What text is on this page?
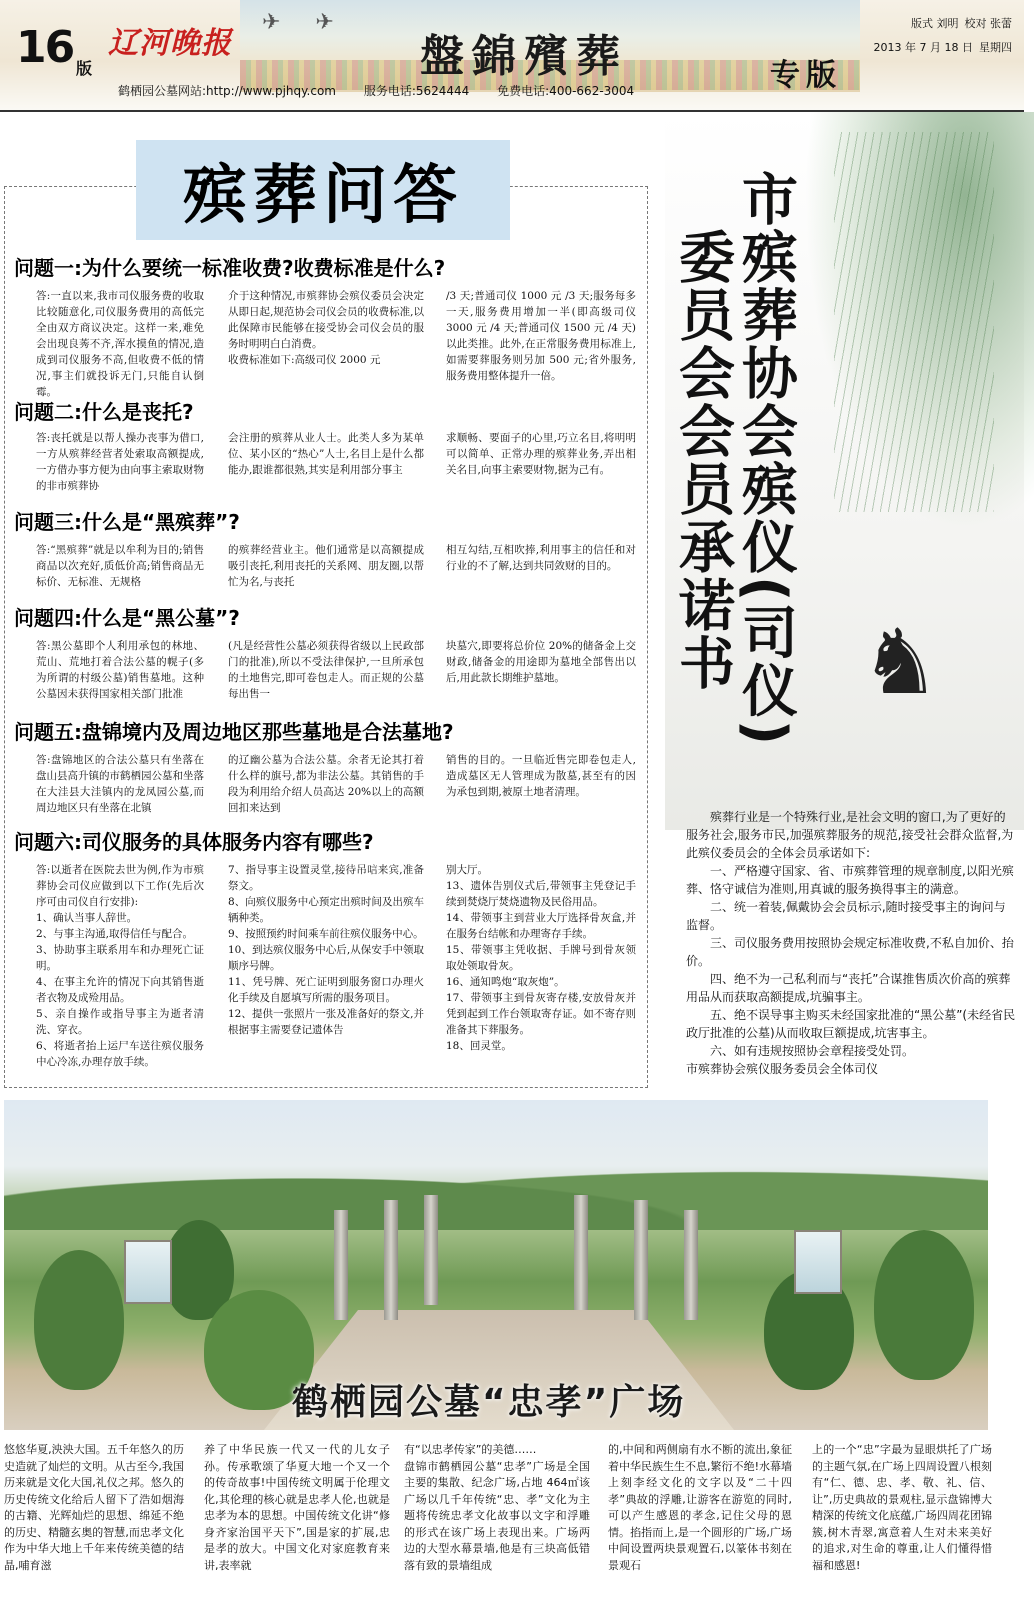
✈ ✈
16 版
辽河晚报	盤錦殯葬	专版
版式 刘明 校对 张蕾
2013 年 7 月 18 日 星期四
鹤栖园公墓网站:http://www.pjhqy.com 服务电话:5624444 免费电话:400-662-3004
殡葬问答
问题一:为什么要统一标准收费?收费标准是什么?
答:一直以来,我市司仪服务费的收取比较随意化,司仪服务费用的高低完全由双方商议决定。这样一来,难免会出现良莠不齐,浑水摸鱼的情况,造成到司仪服务不高,但收费不低的情况,事主们就投诉无门,只能自认倒霉。
介于这种情况,市殡葬协会殡仪委员会决定从即日起,规范协会司仪会员的收费标准,以此保障市民能够在接受协会司仪会员的服务时明明白白消费。
收费标准如下:高级司仪 2000 元
/3 天;普通司仪 1000 元 /3 天;服务每多一天,服务费用增加一半(即高级司仪 3000 元 /4 天;普通司仪 1500 元 /4 天)以此类推。此外,在正常服务费用标准上,如需要葬服务则另加 500 元;省外服务,服务费用整体提升一倍。
问题二:什么是丧托?
答:丧托就是以帮人操办丧事为借口,一方从殡葬经营者处索取高额提成,一方借办事方便为由向事主索取财物的非市殡葬协
会注册的殡葬从业人士。此类人多为某单位、某小区的“热心”人士,名目上是什么都能办,跟谁都很熟,其实是利用部分事主
求顺畅、要面子的心里,巧立名目,将明明可以简单、正常办理的殡葬业务,弄出相关名目,向事主索要财物,据为己有。
问题三:什么是“黑殡葬”?
答:“黑殡葬”就是以牟利为目的;销售商品以次充好,质低价高;销售商品无标价、无标准、无规格
的殡葬经营业主。他们通常是以高额提成吸引丧托,利用丧托的关系网、朋友圈,以帮忙为名,与丧托
相互勾结,互相吹捧,利用事主的信任和对行业的不了解,达到共同敛财的目的。
问题四:什么是“黑公墓”?
答:黑公墓即个人利用承包的林地、荒山、荒地打着合法公墓的幌子(多为所谓的村级公墓)销售墓地。这种公墓因未获得国家相关部门批准
(凡是经营性公墓必须获得省级以上民政部门的批准),所以不受法律保护,一旦所承包的土地售完,即可卷包走人。而正规的公墓每出售一
块墓穴,即要将总价位 20%的储备金上交财政,储备金的用途即为墓地全部售出以后,用此款长期维护墓地。
问题五:盘锦境内及周边地区那些墓地是合法墓地?
答:盘锦地区的合法公墓只有坐落在盘山县高升镇的市鹤栖园公墓和坐落在大洼县大洼镇内的龙凤园公墓,而周边地区只有坐落在北镇
的辽幽公墓为合法公墓。余者无论其打着什么样的旗号,都为非法公墓。其销售的手段为利用给介绍人员高达 20%以上的高额回扣来达到
销售的目的。一旦临近售完即卷包走人,造成墓区无人管理成为散墓,甚至有的因为承包到期,被原土地者清理。
问题六:司仪服务的具体服务内容有哪些?
答:以逝者在医院去世为例,作为市殡葬协会司仪应做到以下工作(先后次序可由司仪自行安排):
1、确认当事人辞世。
2、与事主沟通,取得信任与配合。
3、协助事主联系用车和办理死亡证明。
4、在事主允许的情况下向其销售逝者衣物及成殓用品。
5、亲自操作或指导事主为逝者清洗、穿衣。
6、将逝者抬上运尸车送往殡仪服务中心冷冻,办理存放手续。
7、指导事主设置灵堂,接待吊唁来宾,准备祭文。
8、向殡仪服务中心预定出殡时间及出殡车辆种类。
9、按照预约时间乘车前往殡仪服务中心。
10、到达殡仪服务中心后,从保安手中领取顺序号牌。
11、凭号牌、死亡证明到服务窗口办理火化手续及自愿填写所需的服务项目。
12、提供一张照片一张及准备好的祭文,并根据事主需要登记遗体告
别大厅。
13、遗体告别仪式后,带领事主凭登记手续到焚烧厅焚烧遗物及民俗用品。
14、带领事主到营业大厅选择骨灰盒,并在服务台结帐和办理寄存手续。
15、带领事主凭收据、手牌号到骨灰领取处领取骨灰。
16、通知鸣炮“取灰炮”。
17、带领事主到骨灰寄存楼,安放骨灰并凭到起到工作台领取寄存证。如不寄存则准备其下葬服务。
18、回灵堂。
♞
市殡葬协会殡仪(司仪)
委员会会员承诺书

殡葬行业是一个特殊行业,是社会文明的窗口,为了更好的服务社会,服务市民,加强殡葬服务的规范,接受社会群众监督,为此殡仪委员会的全体会员承诺如下:

一、严格遵守国家、省、市殡葬管理的规章制度,以阳光殡葬、恪守诚信为准则,用真诚的服务换得事主的满意。

二、统一着装,佩戴协会会员标示,随时接受事主的询问与监督。

三、司仪服务费用按照协会规定标准收费,不私自加价、抬价。

四、绝不为一己私利而与“丧托”合谋推售质次价高的殡葬用品从而获取高额提成,坑骗事主。

五、绝不误导事主购买未经国家批准的“黑公墓”(未经省民政厅批准的公墓)从而收取巨额提成,坑害事主。

六、如有违规按照协会章程接受处罚。

市殡葬协会殡仪服务委员会全体司仪

鹤栖园公墓“忠孝”广场
悠悠华夏,泱泱大国。五千年悠久的历史造就了灿烂的文明。从古至今,我国历来就是文化大国,礼仪之邦。悠久的历史传统文化给后人留下了浩如烟海的古籍、光辉灿烂的思想、绵延不绝的历史、精髓玄奥的智慧,而忠孝文化作为中华大地上千年来传统美德的结晶,哺育滋
养了中华民族一代又一代的儿女子孙。传承歌颂了华夏大地一个又一个的传奇故事!中国传统文明属于伦理文化,其伦理的核心就是忠孝人伦,也就是忠孝为本的思想。中国传统文化讲“修身齐家治国平天下”,国是家的扩展,忠是孝的放大。中国文化对家庭教育来讲,表率就
有“以忠孝传家”的美德……
盘锦市鹤栖园公墓“忠孝”广场是全国主要的集散、纪念广场,占地 464㎡该广场以几千年传统“忠、孝”文化为主题将传统忠孝文化故事以文字和浮雕的形式在该广场上表现出来。广场两边的大型水幕景墙,他是有三块高低错落有致的景墙组成
的,中间和两侧扇有水不断的流出,象征着中华民族生生不息,繁衍不绝!水幕墙上刻李经文化的文字以及“二十四孝”典故的浮雕,让游客在游览的同时,可以产生感恩的孝念,记住父母的恩情。掐指而上,是一个圆形的广场,广场中间设置两块景观置石,以篆体书刻在景观石
上的一个“忠”字最为显眼烘托了广场的主题气氛,在广场上四周设置八根刻有“仁、德、忠、孝、敬、礼、信、让”,历史典故的景观柱,显示盘锦博大精深的传统文化底蕴,广场四周花团锦簇,树木青翠,寓意着人生对未来美好的追求,对生命的尊重,让人们懂得惜福和感恩!
